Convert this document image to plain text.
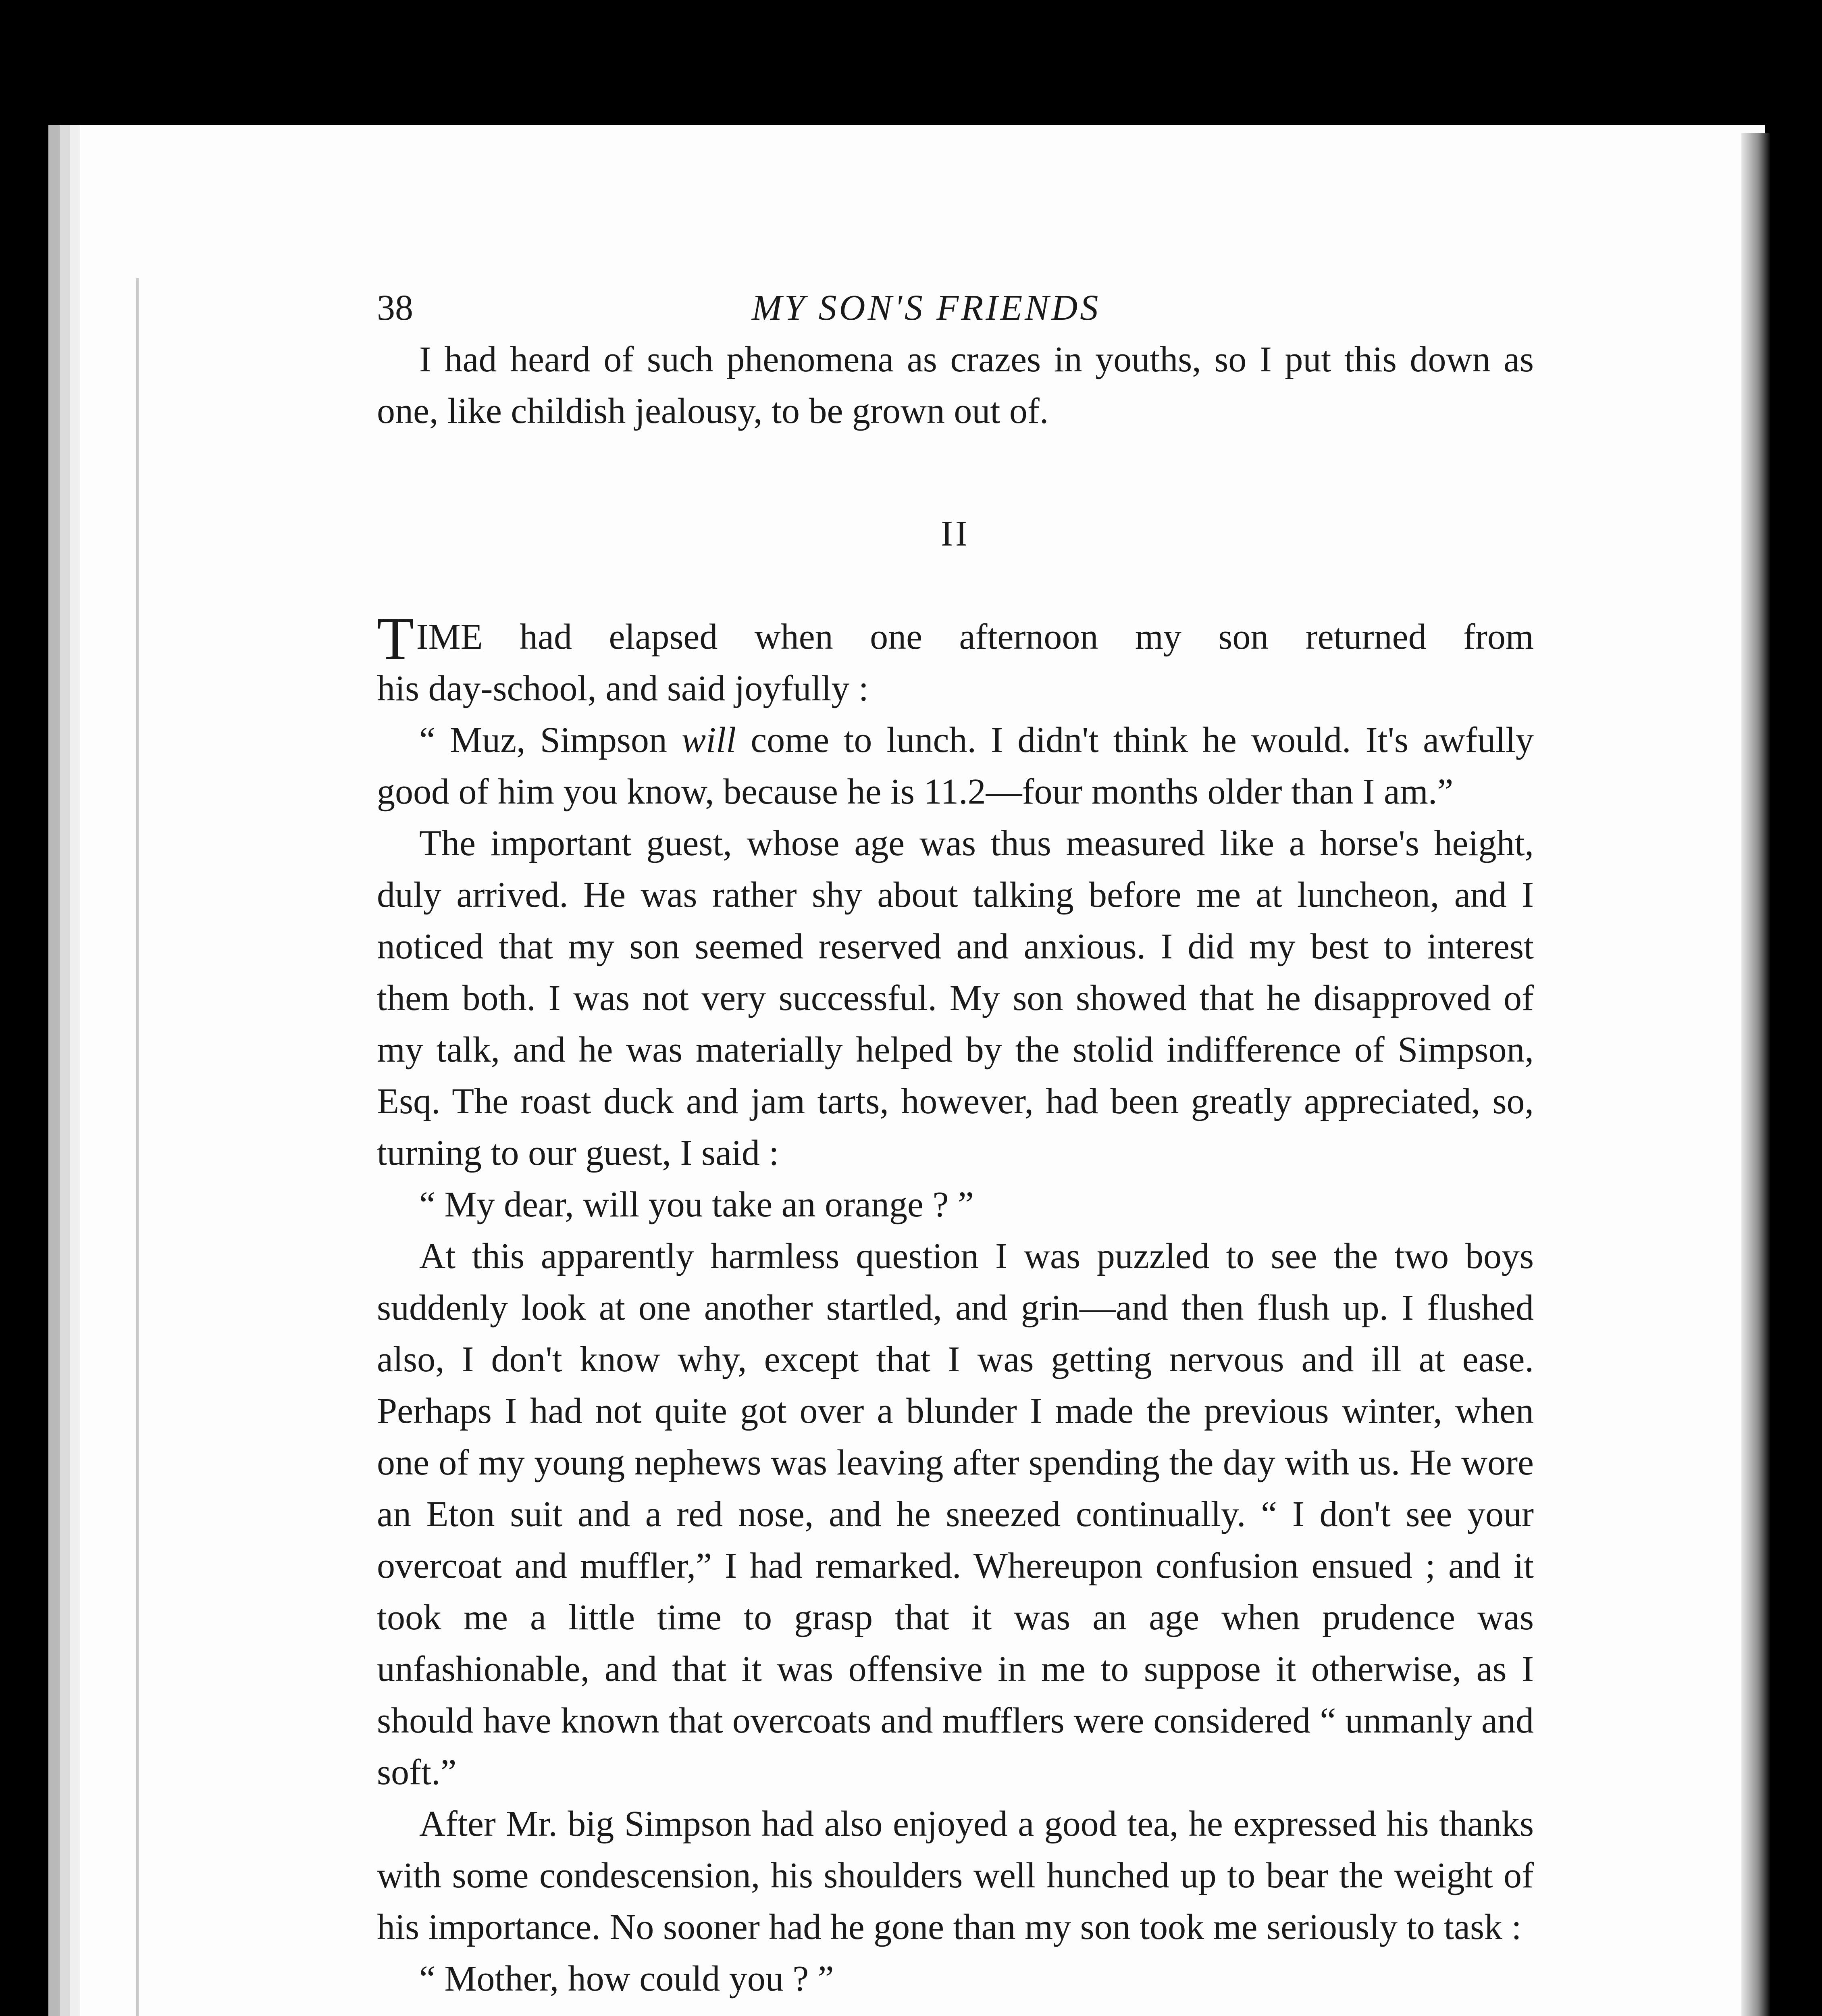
38	MY SON'S FRIENDS

I had heard of such phenomena as crazes in youths, so I put this down as one, like childish jealousy, to be grown out of.

II
T IME had elapsed when one afternoon my son returned from
his day-school, and said joyfully :

“ Muz, Simpson will come to lunch. I didn't think he would. It's awfully good of him you know, because he is 11.2—four months older than I am.”

The important guest, whose age was thus measured like a horse's height, duly arrived. He was rather shy about talking before me at luncheon, and I noticed that my son seemed reserved and anxious. I did my best to interest them both. I was not very successful. My son showed that he disapproved of my talk, and he was materially helped by the stolid indifference of Simpson, Esq. The roast duck and jam tarts, however, had been greatly appreciated, so, turning to our guest, I said :

“ My dear, will you take an orange ? ”

At this apparently harmless question I was puzzled to see the two boys suddenly look at one another startled, and grin—and then flush up. I flushed also, I don't know why, except that I was getting nervous and ill at ease. Perhaps I had not quite got over a blunder I made the previous winter, when one of my young nephews was leaving after spending the day with us. He wore an Eton suit and a red nose, and he sneezed continually. “ I don't see your overcoat and muffler,” I had remarked. Whereupon confusion ensued ; and it took me a little time to grasp that it was an age when prudence was unfashionable, and that it was offensive in me to suppose it otherwise, as I should have known that overcoats and mufflers were considered “ unmanly and soft.”

After Mr. big Simpson had also enjoyed a good tea, he expressed his thanks with some condescension, his shoulders well hunched up to bear the weight of his importance. No sooner had he gone than my son took me seriously to task :

“ Mother, how could you ? ”
